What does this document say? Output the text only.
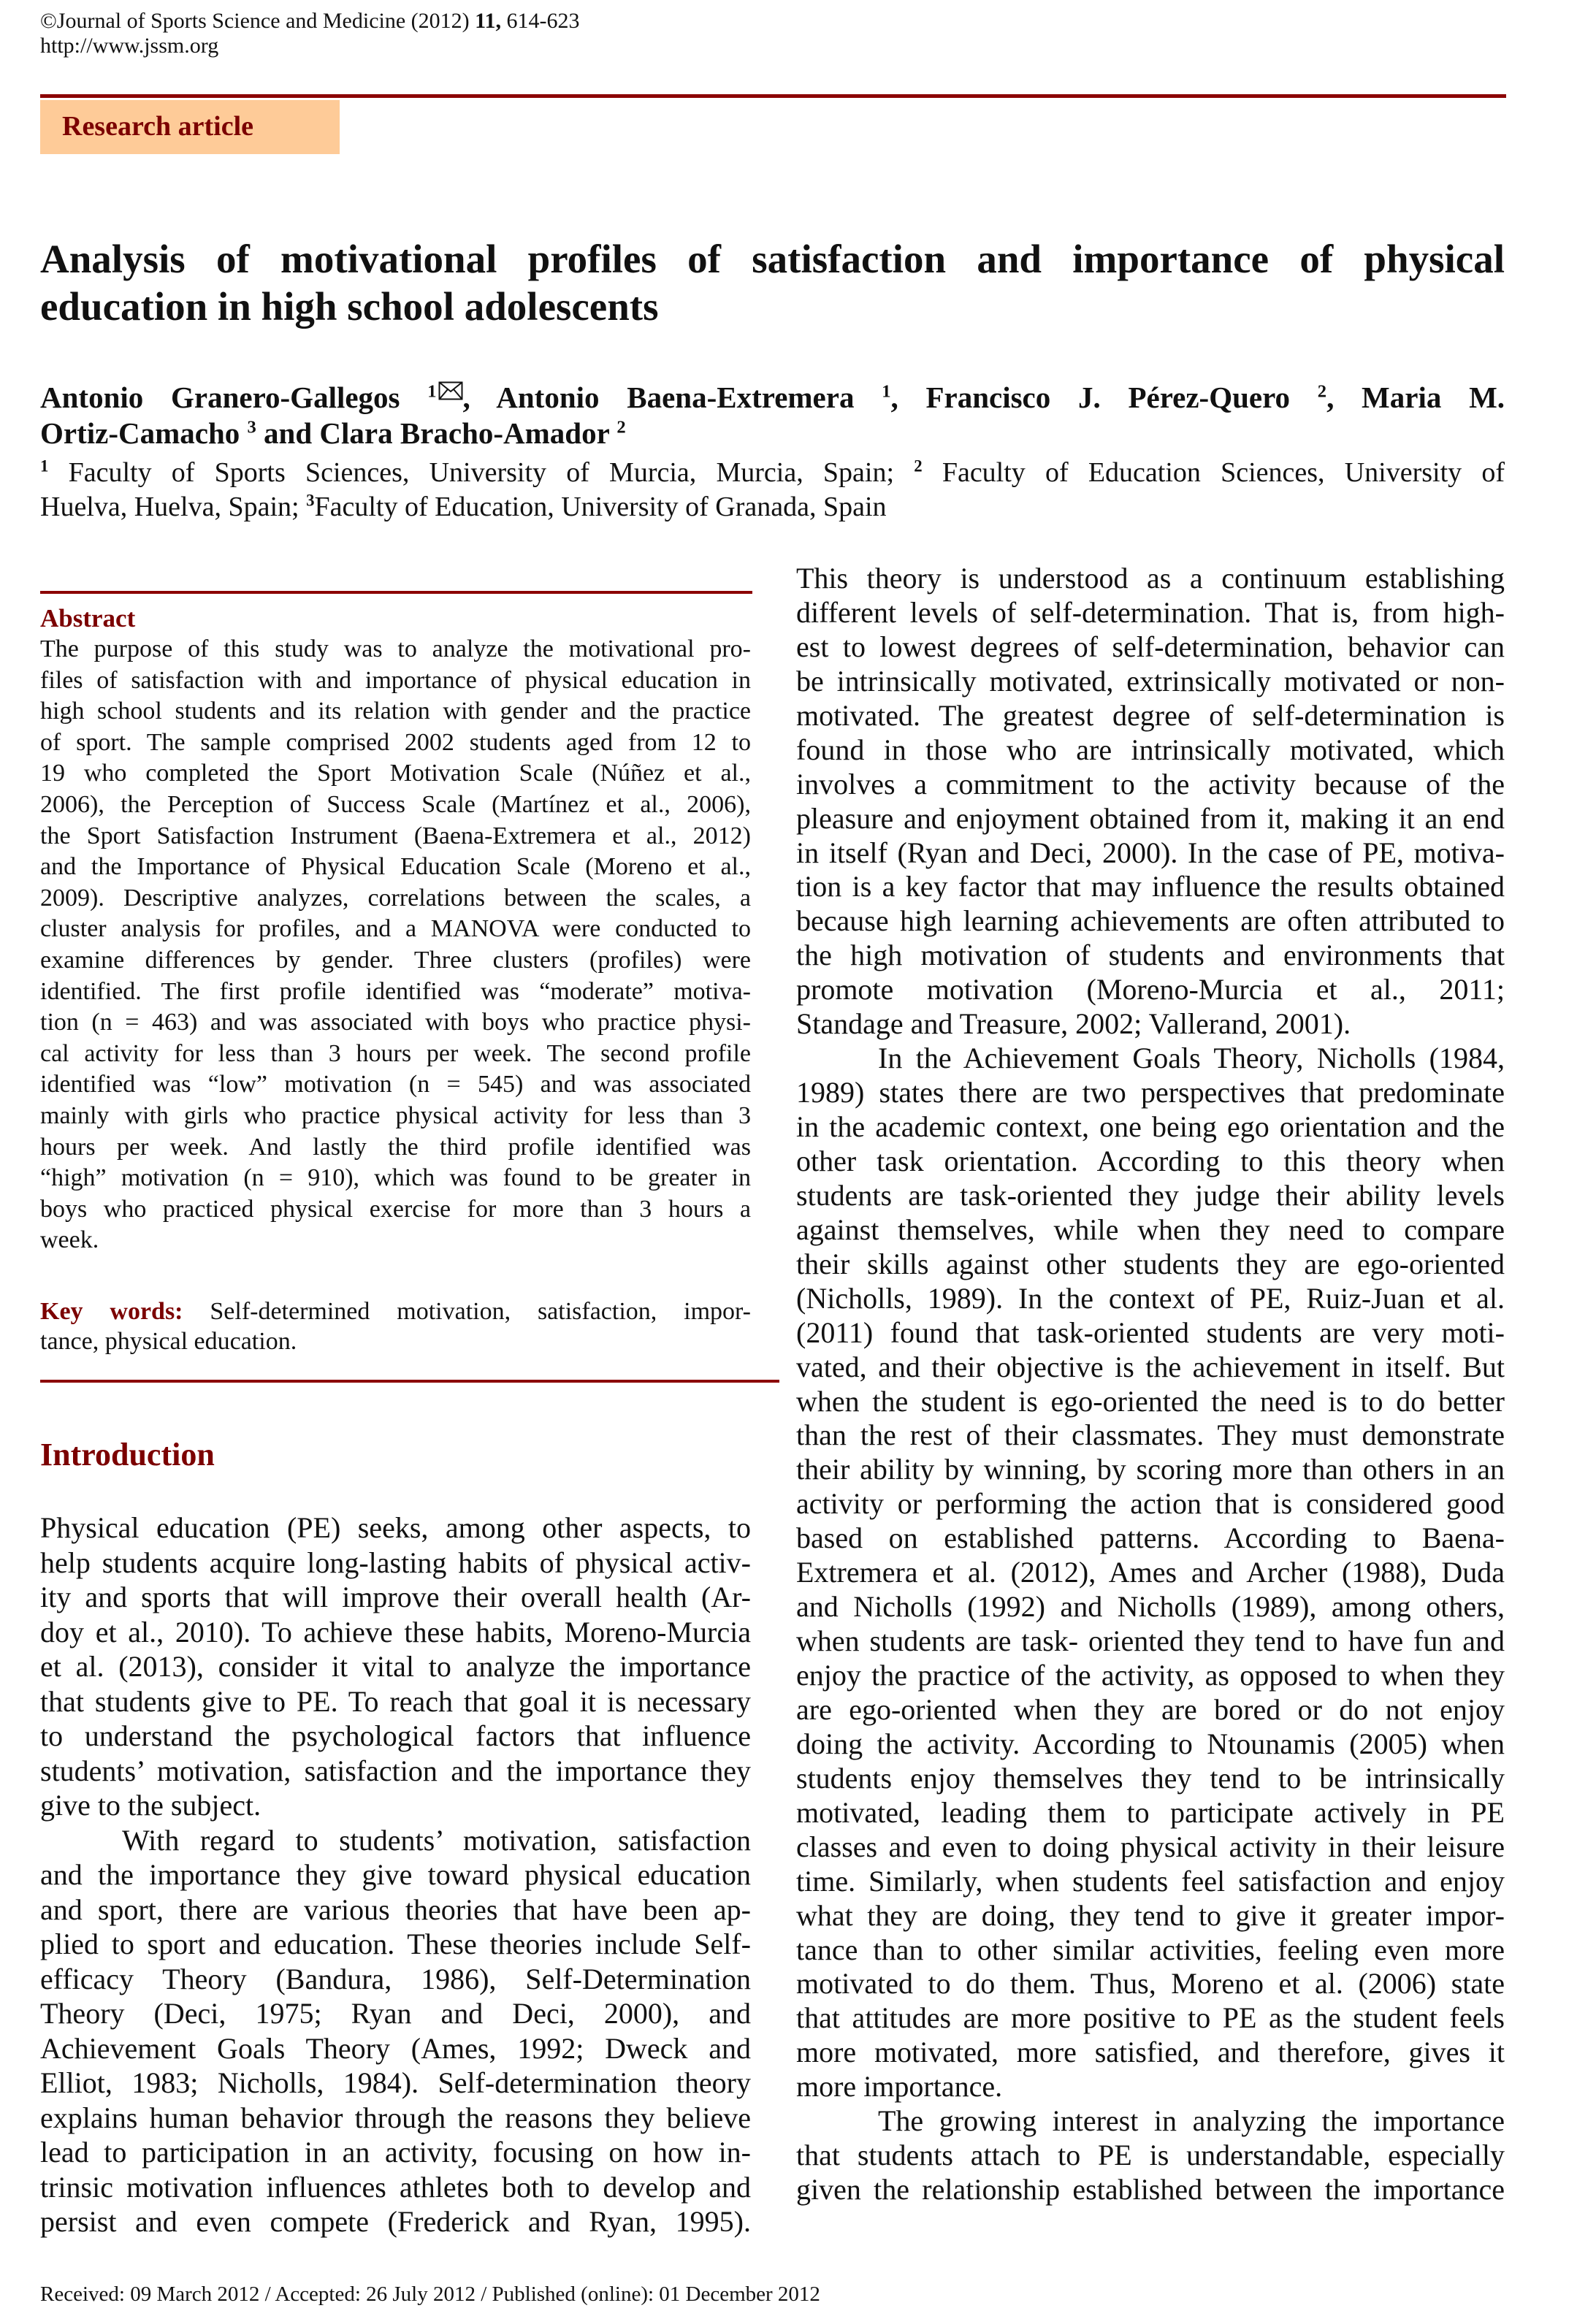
©Journal of Sports Science and Medicine (2012) 11, 614-623
http://www.jssm.org
Research article
Analysis of motivational profiles of satisfaction and importance of physical
education in high school adolescents
Antonio Granero-Gallegos $^1$ , Antonio Baena-Extremera $^1$, Francisco J. Pérez-Quero $^2$, Maria M.
Ortiz-Camacho $^3$ and Clara Bracho-Amador $^2$
$^1$ Faculty of Sports Sciences, University of Murcia, Murcia, Spain; $^2$ Faculty of Education Sciences, University of
Huelva, Huelva, Spain; $^3$Faculty of Education, University of Granada, Spain
Abstract
The purpose of this study was to analyze the motivational pro-
files of satisfaction with and importance of physical education in
high school students and its relation with gender and the practice
of sport. The sample comprised 2002 students aged from 12 to
19 who completed the Sport Motivation Scale (Núñez et al.,
2006), the Perception of Success Scale (Martínez et al., 2006),
the Sport Satisfaction Instrument (Baena-Extremera et al., 2012)
and the Importance of Physical Education Scale (Moreno et al.,
2009). Descriptive analyzes, correlations between the scales, a
cluster analysis for profiles, and a MANOVA were conducted to
examine differences by gender. Three clusters (profiles) were
identified. The first profile identified was “moderate” motiva-
tion (n = 463) and was associated with boys who practice physi-
cal activity for less than 3 hours per week. The second profile
identified was “low” motivation (n = 545) and was associated
mainly with girls who practice physical activity for less than 3
hours per week. And lastly the third profile identified was
“high” motivation (n = 910), which was found to be greater in
boys who practiced physical exercise for more than 3 hours a
week.
Key words: Self-determined motivation, satisfaction, impor-
tance, physical education.
Introduction
Physical education (PE) seeks, among other aspects, to
help students acquire long-lasting habits of physical activ-
ity and sports that will improve their overall health (Ar-
doy et al., 2010). To achieve these habits, Moreno-Murcia
et al. (2013), consider it vital to analyze the importance
that students give to PE. To reach that goal it is necessary
to understand the psychological factors that influence
students’ motivation, satisfaction and the importance they
give to the subject.
With regard to students’ motivation, satisfaction
and the importance they give toward physical education
and sport, there are various theories that have been ap-
plied to sport and education. These theories include Self-
efficacy Theory (Bandura, 1986), Self-Determination
Theory (Deci, 1975; Ryan and Deci, 2000), and
Achievement Goals Theory (Ames, 1992; Dweck and
Elliot, 1983; Nicholls, 1984). Self-determination theory
explains human behavior through the reasons they believe
lead to participation in an activity, focusing on how in-
trinsic motivation influences athletes both to develop and
persist and even compete (Frederick and Ryan, 1995).
This theory is understood as a continuum establishing
different levels of self-determination. That is, from high-
est to lowest degrees of self-determination, behavior can
be intrinsically motivated, extrinsically motivated or non-
motivated. The greatest degree of self-determination is
found in those who are intrinsically motivated, which
involves a commitment to the activity because of the
pleasure and enjoyment obtained from it, making it an end
in itself (Ryan and Deci, 2000). In the case of PE, motiva-
tion is a key factor that may influence the results obtained
because high learning achievements are often attributed to
the high motivation of students and environments that
promote motivation (Moreno-Murcia et al., 2011;
Standage and Treasure, 2002; Vallerand, 2001).
In the Achievement Goals Theory, Nicholls (1984,
1989) states there are two perspectives that predominate
in the academic context, one being ego orientation and the
other task orientation. According to this theory when
students are task-oriented they judge their ability levels
against themselves, while when they need to compare
their skills against other students they are ego-oriented
(Nicholls, 1989). In the context of PE, Ruiz-Juan et al.
(2011) found that task-oriented students are very moti-
vated, and their objective is the achievement in itself. But
when the student is ego-oriented the need is to do better
than the rest of their classmates. They must demonstrate
their ability by winning, by scoring more than others in an
activity or performing the action that is considered good
based on established patterns. According to Baena-
Extremera et al. (2012), Ames and Archer (1988), Duda
and Nicholls (1992) and Nicholls (1989), among others,
when students are task- oriented they tend to have fun and
enjoy the practice of the activity, as opposed to when they
are ego-oriented when they are bored or do not enjoy
doing the activity. According to Ntounamis (2005) when
students enjoy themselves they tend to be intrinsically
motivated, leading them to participate actively in PE
classes and even to doing physical activity in their leisure
time. Similarly, when students feel satisfaction and enjoy
what they are doing, they tend to give it greater impor-
tance than to other similar activities, feeling even more
motivated to do them. Thus, Moreno et al. (2006) state
that attitudes are more positive to PE as the student feels
more motivated, more satisfied, and therefore, gives it
more importance.
The growing interest in analyzing the importance
that students attach to PE is understandable, especially
given the relationship established between the importance
Received: 09 March 2012 / Accepted: 26 July 2012 / Published (online): 01 December 2012
